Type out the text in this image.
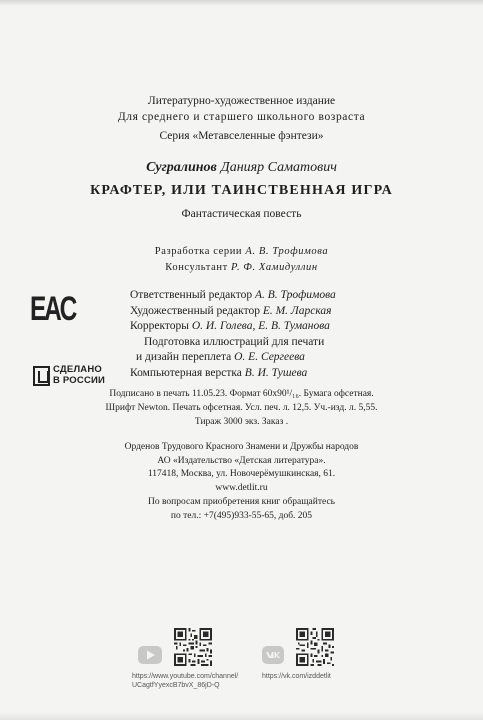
Литературно-художественное издание
Для среднего и старшего школьного возраста
Серия «Метавселенные фэнтези»
Сугралинов Данияр Саматович
КРАФТЕР, ИЛИ ТАИНСТВЕННАЯ ИГРА
Фантастическая повесть
Разработка серии А. В. Трофимова
Консультант Р. Ф. Хамидуллин
EAC
СДЕЛАНО
В РОССИИ
Ответственный редактор А. В. Трофимова
Художественный редактор Е. М. Ларская
Корректоры О. И. Голева, Е. В. Туманова
Подготовка иллюстраций для печати
и дизайн переплета О. Е. Сергеева
Компьютерная верстка В. И. Тушева
Подписано в печать 11.05.23. Формат 60х90¹/₁₆. Бумага офсетная.
Шрифт Newton. Печать офсетная. Усл. печ. л. 12,5. Уч.-изд. л. 5,55.
Тираж 3000 экз. Заказ .
Орденов Трудового Красного Знамени и Дружбы народов
АО «Издательство «Детская литература».
117418, Москва, ул. Новочерёмушкинская, 61.
www.detlit.ru
По вопросам приобретения книг обращайтесь
по тел.: +7(495)933-55-65, доб. 205
https://www.youtube.com/channel/
UCagtfYyexcB7bvX_86jD-Q
https://vk.com/izddetlit
